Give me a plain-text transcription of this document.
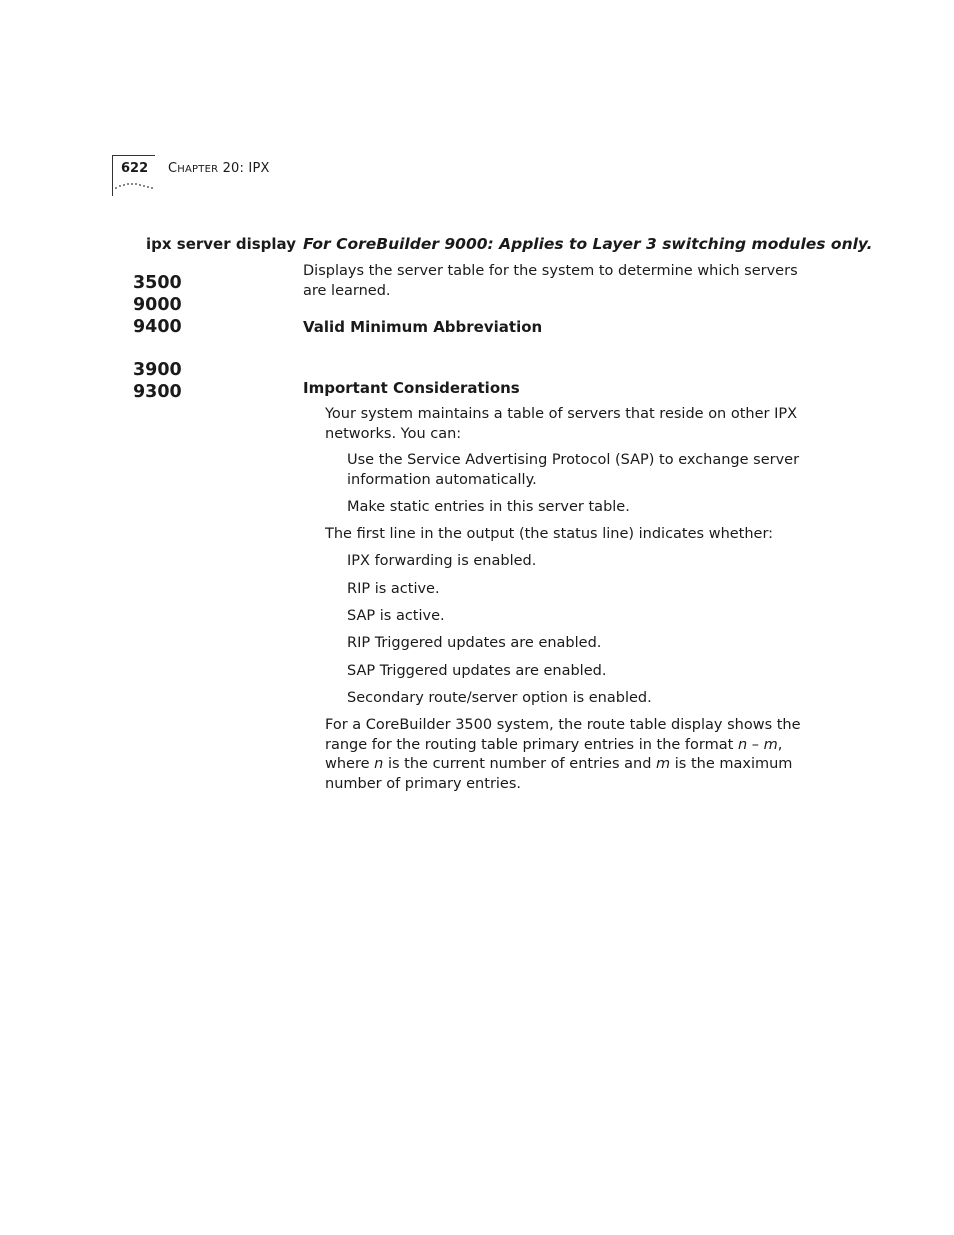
622 CHAPTER 20: IPX
ipx server display
3500
9000
9400
3900
9300
For CoreBuilder 9000: Applies to Layer 3 switching modules only.
Displays the server table for the system to determine which servers are learned.
Valid Minimum Abbreviation
Important Considerations
Your system maintains a table of servers that reside on other IPX networks. You can:
Use the Service Advertising Protocol (SAP) to exchange server information automatically.
Make static entries in this server table.
The first line in the output (the status line) indicates whether:
IPX forwarding is enabled.
RIP is active.
SAP is active.
RIP Triggered updates are enabled.
SAP Triggered updates are enabled.
Secondary route/server option is enabled.
For a CoreBuilder 3500 system, the route table display shows the range for the routing table primary entries in the format n – m, where n is the current number of entries and m is the maximum number of primary entries.
